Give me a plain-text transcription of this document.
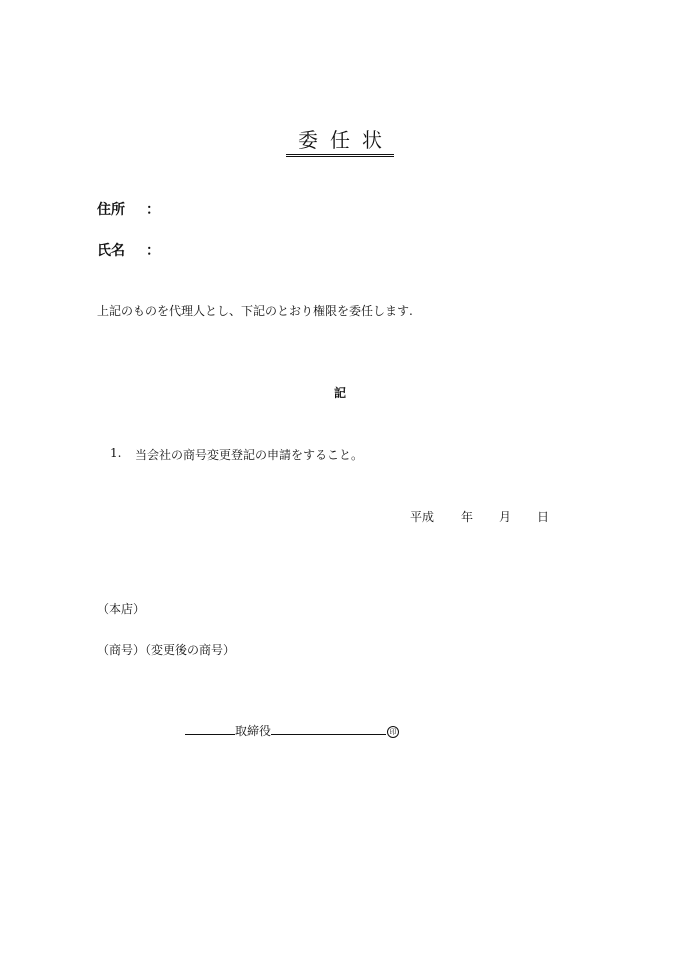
委任状
住所 ：
氏名 ：
上記のものを代理人とし、下記のとおり権限を委任します.
記
1. 当会社の商号変更登記の申請をすること。
平成 年 月 日
（本店）
（商号）（変更後の商号）
取締役	印
